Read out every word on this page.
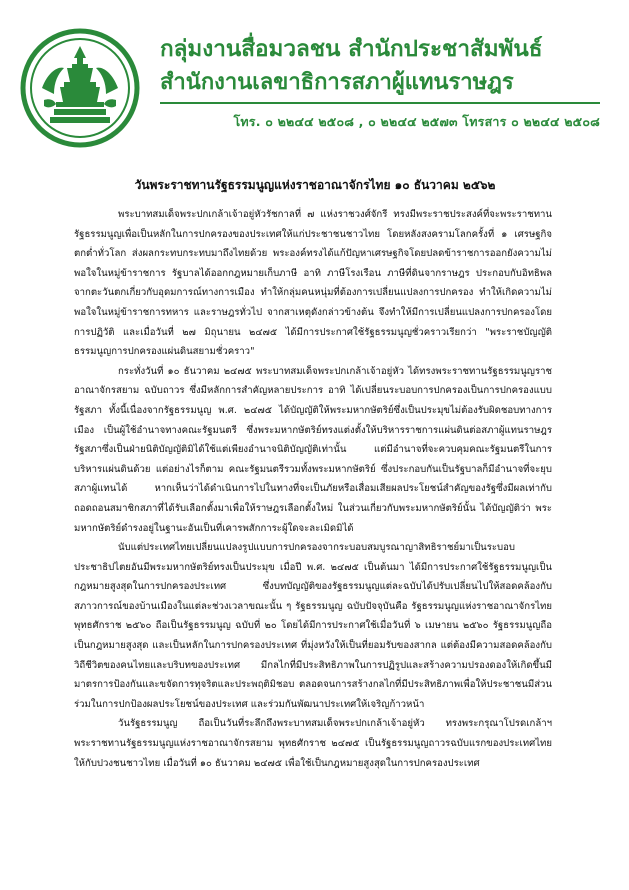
กลุ่มงานสื่อมวลชน สำนักประชาสัมพันธ์
สำนักงานเลขาธิการสภาผู้แทนราษฎร
โทร. ๐ ๒๒๔๔ ๒๕๐๘ , ๐ ๒๒๔๔ ๒๕๗๓ โทรสาร ๐ ๒๒๔๔ ๒๕๐๘
วันพระราชทานรัฐธรรมนูญแห่งราชอาณาจักรไทย ๑๐ ธันวาคม ๒๕๖๒

พระบาทสมเด็จพระปกเกล้าเจ้าอยู่หัวรัชกาลที่ ๗ แห่งราชวงศ์จักรี ทรงมีพระราชประสงค์ที่จะพระราชทานรัฐธรรมนูญเพื่อเป็นหลักในการปกครองของประเทศให้แก่ประชาชนชาวไทย โดยหลังสงครามโลกครั้งที่ ๑ เศรษฐกิจตกต่ำทั่วโลก ส่งผลกระทบกระทบมาถึงไทยด้วย พระองค์ทรงได้แก้ปัญหาเศรษฐกิจโดยปลดข้าราชการออกยังความไม่พอใจในหมู่ข้าราชการ รัฐบาลได้ออกกฎหมายเก็บภาษี อาทิ ภาษีโรงเรือน ภาษีที่ดินจากราษฎร ประกอบกับอิทธิพลจากตะวันตกเกี่ยวกับอุดมการณ์ทางการเมือง ทำให้กลุ่มคนหนุ่มที่ต้องการเปลี่ยนแปลงการปกครอง ทำให้เกิดความไม่พอใจในหมู่ข้าราชการทหาร และราษฎรทั่วไป จากสาเหตุดังกล่าวข้างต้น จึงทำให้มีการเปลี่ยนแปลงการปกครองโดยการปฏิวัติ และเมื่อวันที่ ๒๗ มิถุนายน ๒๔๗๕ ได้มีการประกาศใช้รัฐธรรมนูญชั่วคราวเรียกว่า "พระราชบัญญัติธรรมนูญการปกครองแผ่นดินสยามชั่วคราว"

กระทั่งวันที่ ๑๐ ธันวาคม ๒๔๗๕ พระบาทสมเด็จพระปกเกล้าเจ้าอยู่หัว ได้ทรงพระราชทานรัฐธรรมนูญราชอาณาจักรสยาม ฉบับถาวร ซึ่งมีหลักการสำคัญหลายประการ อาทิ ได้เปลี่ยนระบอบการปกครองเป็นการปกครองแบบรัฐสภา ทั้งนี้เนื่องจากรัฐธรรมนูญ พ.ศ. ๒๔๗๕ ได้บัญญัติให้พระมหากษัตริย์ซึ่งเป็นประมุขไม่ต้องรับผิดชอบทางการเมือง เป็นผู้ใช้อำนาจทางคณะรัฐมนตรี ซึ่งพระมหากษัตริย์ทรงแต่งตั้งให้บริหารราชการแผ่นดินต่อสภาผู้แทนราษฎร รัฐสภาซึ่งเป็นฝ่ายนิติบัญญัติมิได้ใช้แต่เพียงอำนาจนิติบัญญัติเท่านั้น แต่มีอำนาจที่จะควบคุมคณะรัฐมนตรีในการบริหารแผ่นดินด้วย แต่อย่างไรก็ตาม คณะรัฐมนตรีรวมทั้งพระมหากษัตริย์ ซึ่งประกอบกันเป็นรัฐบาลก็มีอำนาจที่จะยุบสภาผู้แทนได้ หากเห็นว่าได้ดำเนินการไปในทางที่จะเป็นภัยหรือเสื่อมเสียผลประโยชน์สำคัญของรัฐซึ่งมีผลเท่ากับถอดถอนสมาชิกสภาที่ได้รับเลือกตั้งมาเพื่อให้ราษฎรเลือกตั้งใหม่ ในส่วนเกี่ยวกับพระมหากษัตริย์นั้น ได้บัญญัติว่า พระมหากษัตริย์ดำรงอยู่ในฐานะอันเป็นที่เคารพสักการะผู้ใดจะละเมิดมิได้

นับแต่ประเทศไทยเปลี่ยนแปลงรูปแบบการปกครองจากระบอบสมบูรณาญาสิทธิราชย์มาเป็นระบอบประชาธิปไตยอันมีพระมหากษัตริย์ทรงเป็นประมุข เมื่อปี พ.ศ. ๒๔๗๕ เป็นต้นมา ได้มีการประกาศใช้รัฐธรรมนูญเป็นกฎหมายสูงสุดในการปกครองประเทศ ซึ่งบทบัญญัติของรัฐธรรมนูญแต่ละฉบับได้ปรับเปลี่ยนไปให้สอดคล้องกับสภาวการณ์ของบ้านเมืองในแต่ละช่วงเวลาขณะนั้น ๆ รัฐธรรมนูญ ฉบับปัจจุบันคือ รัฐธรรมนูญแห่งราชอาณาจักรไทย พุทธศักราช ๒๕๖๐ ถือเป็นรัฐธรรมนูญ ฉบับที่ ๒๐ โดยได้มีการประกาศใช้เมื่อวันที่ ๖ เมษายน ๒๕๖๐ รัฐธรรมนูญถือเป็นกฎหมายสูงสุด และเป็นหลักในการปกครองประเทศ ที่มุ่งหวังให้เป็นที่ยอมรับของสากล แต่ต้องมีความสอดคล้องกับวิถีชีวิตของคนไทยและบริบทของประเทศ มีกลไกที่มีประสิทธิภาพในการปฏิรูปและสร้างความปรองดองให้เกิดขึ้นมีมาตรการป้องกันและขจัดการทุจริตและประพฤติมิชอบ ตลอดจนการสร้างกลไกที่มีประสิทธิภาพเพื่อให้ประชาชนมีส่วนร่วมในการปกป้องผลประโยชน์ของประเทศ และร่วมกันพัฒนาประเทศให้เจริญก้าวหน้า

วันรัฐธรรมนูญ ถือเป็นวันที่ระลึกถึงพระบาทสมเด็จพระปกเกล้าเจ้าอยู่หัว ทรงพระกรุณาโปรดเกล้าฯ พระราชทานรัฐธรรมนูญแห่งราชอาณาจักรสยาม พุทธศักราช ๒๔๗๕ เป็นรัฐธรรมนูญถาวรฉบับแรกของประเทศไทย ให้กับปวงชนชาวไทย เมื่อวันที่ ๑๐ ธันวาคม ๒๔๗๕ เพื่อใช้เป็นกฎหมายสูงสุดในการปกครองประเทศ
